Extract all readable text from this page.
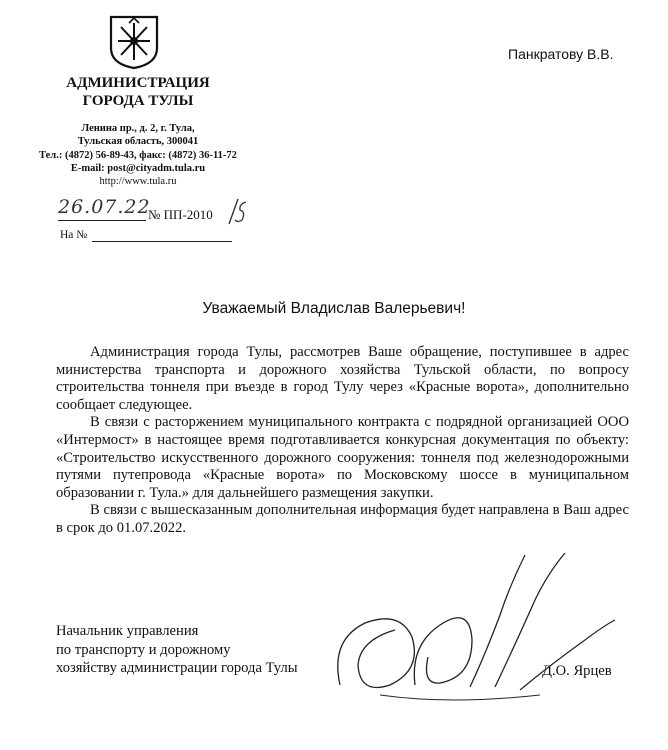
АДМИНИСТРАЦИЯ
ГОРОДА ТУЛЫ
Ленина пр., д. 2, г. Тула,
Тульская область, 300041
Тел.: (4872) 56-89-43, факс: (4872) 36-11-72
E-mail: post@cityadm.tula.ru
http://www.tula.ru
26.07.22
№ ПП-2010
На №
Панкратову В.В.
Уважаемый Владислав Валерьевич!

Администрация города Тулы, рассмотрев Ваше обращение, поступившее в адрес министерства транспорта и дорожного хозяйства Тульской области, по вопросу строительства тоннеля при въезде в город Тулу через «Красные ворота», дополнительно сообщает следующее.

В связи с расторжением муниципального контракта с подрядной организацией ООО «Интермост» в настоящее время подготавливается конкурсная документация по объекту: «Строительство искусственного дорожного сооружения: тоннеля под железнодорожными путями путепровода «Красные ворота» по Московскому шоссе в муниципальном образовании г. Тула.» для дальнейшего размещения закупки.

В связи с вышесказанным дополнительная информация будет направлена в Ваш адрес в срок до 01.07.2022.

Начальник управления
по транспорту и дорожному
хозяйству администрации города Тулы	Д.О. Ярцев
